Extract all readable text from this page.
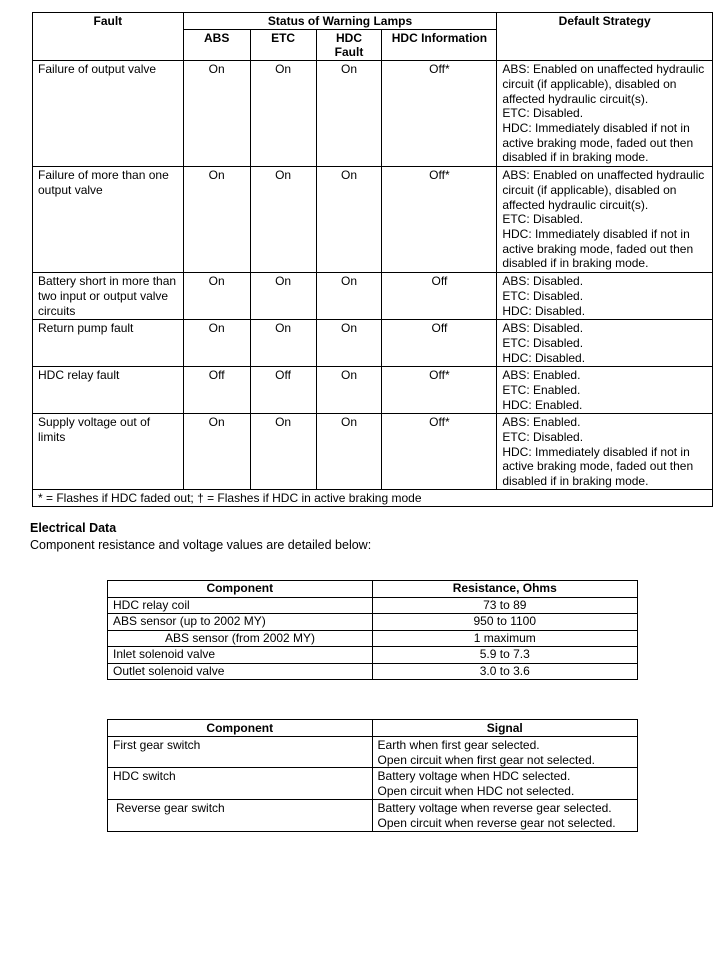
Fault	Status of Warning Lamps				Default Strategy
	ABS	ETC	HDC Fault	HDC Information	
Failure of output valve	On	On	On	Off*	ABS: Enabled on unaffected hydraulic circuit (if applicable), disabled on affected hydraulic circuit(s).
ETC: Disabled.
HDC: Immediately disabled if not in active braking mode, faded out then disabled if in braking mode.
Failure of more than one output valve	On	On	On	Off*	ABS: Enabled on unaffected hydraulic circuit (if applicable), disabled on affected hydraulic circuit(s).
ETC: Disabled.
HDC: Immediately disabled if not in active braking mode, faded out then disabled if in braking mode.
Battery short in more than two input or output valve circuits	On	On	On	Off	ABS: Disabled.
ETC: Disabled.
HDC: Disabled.
Return pump fault	On	On	On	Off	ABS: Disabled.
ETC: Disabled.
HDC: Disabled.
HDC relay fault	Off	Off	On	Off*	ABS: Enabled.
ETC: Enabled.
HDC: Enabled.
Supply voltage out of limits	On	On	On	Off*	ABS: Enabled.
ETC: Disabled.
HDC: Immediately disabled if not in active braking mode, faded out then disabled if in braking mode.
* = Flashes if HDC faded out; † = Flashes if HDC in active braking mode					
Electrical Data
Component resistance and voltage values are detailed below:
Component	Resistance, Ohms
HDC relay coil	73 to 89
ABS sensor (up to 2002 MY)	950 to 1100
ABS sensor (from 2002 MY)	1 maximum
Inlet solenoid valve	5.9 to 7.3
Outlet solenoid valve	3.0 to 3.6
Component	Signal
First gear switch	Earth when first gear selected.
Open circuit when first gear not selected.
HDC switch	Battery voltage when HDC selected.
Open circuit when HDC not selected.
Reverse gear switch	Battery voltage when reverse gear selected.
Open circuit when reverse gear not selected.
